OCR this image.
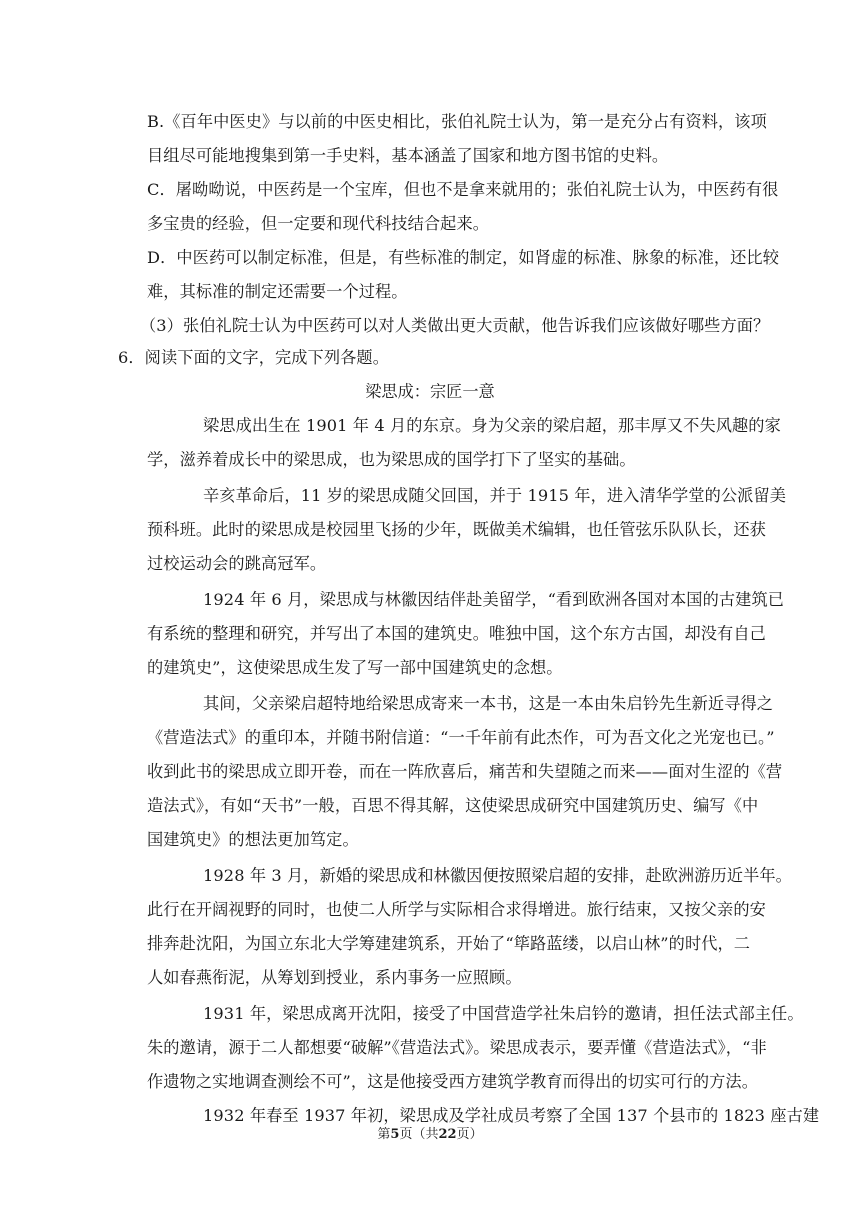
B.《百年中医史》与以前的中医史相比，张伯礼院士认为，第一是充分占有资料，该项
目组尽可能地搜集到第一手史料，基本涵盖了国家和地方图书馆的史料。
C．屠呦呦说，中医药是一个宝库，但也不是拿来就用的；张伯礼院士认为，中医药有很
多宝贵的经验，但一定要和现代科技结合起来。
D．中医药可以制定标准，但是，有些标准的制定，如肾虚的标准、脉象的标准，还比较
难，其标准的制定还需要一个过程。
（3）张伯礼院士认为中医药可以对人类做出更大贡献，他告诉我们应该做好哪些方面？
6．阅读下面的文字，完成下列各题。
梁思成：宗匠一意
梁思成出生在 1901 年 4 月的东京。身为父亲的梁启超，那丰厚又不失风趣的家
学，滋养着成长中的梁思成，也为梁思成的国学打下了坚实的基础。
辛亥革命后，11 岁的梁思成随父回国，并于 1915 年，进入清华学堂的公派留美
预科班。此时的梁思成是校园里飞扬的少年，既做美术编辑，也任管弦乐队队长，还获
过校运动会的跳高冠军。
1924 年 6 月，梁思成与林徽因结伴赴美留学，“看到欧洲各国对本国的古建筑已
有系统的整理和研究，并写出了本国的建筑史。唯独中国，这个东方古国，却没有自己
的建筑史”，这使梁思成生发了写一部中国建筑史的念想。
其间，父亲梁启超特地给梁思成寄来一本书，这是一本由朱启钤先生新近寻得之
《营造法式》的重印本，并随书附信道：“一千年前有此杰作，可为吾文化之光宠也已。”
收到此书的梁思成立即开卷，而在一阵欣喜后，痛苦和失望随之而来——面对生涩的《营
造法式》，有如“天书”一般，百思不得其解，这使梁思成研究中国建筑历史、编写《中
国建筑史》的想法更加笃定。
1928 年 3 月，新婚的梁思成和林徽因便按照梁启超的安排，赴欧洲游历近半年。
此行在开阔视野的同时，也使二人所学与实际相合求得增进。旅行结束，又按父亲的安
排奔赴沈阳，为国立东北大学筹建建筑系，开始了“筚路蓝缕，以启山林”的时代，二
人如春燕衔泥，从筹划到授业，系内事务一应照顾。
1931 年，梁思成离开沈阳，接受了中国营造学社朱启钤的邀请，担任法式部主任。
朱的邀请，源于二人都想要“破解”《营造法式》。梁思成表示，要弄懂《营造法式》，“非
作遗物之实地调查测绘不可”，这是他接受西方建筑学教育而得出的切实可行的方法。
1932 年春至 1937 年初，梁思成及学社成员考察了全国 137 个县市的 1823 座古建
第5页（共22页）
